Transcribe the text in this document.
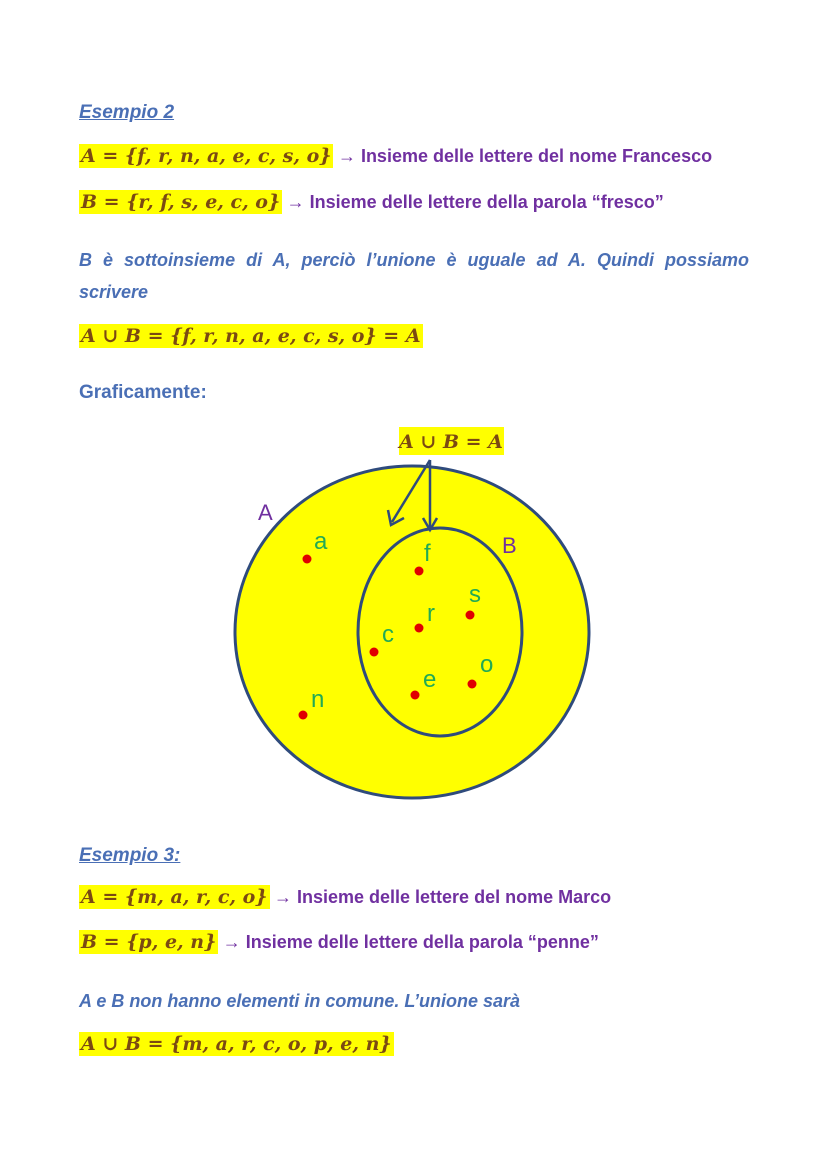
Esempio 2
A = {f, r, n, a, e, c, s, o} → Insieme delle lettere del nome Francesco
B = {r, f, s, e, c, o} → Insieme delle lettere della parola “fresco”
B è sottoinsieme di A, perciò l’unione è uguale ad A. Quindi possiamo scrivere
A ∪ B = {f, r, n, a, e, c, s, o} = A
Graficamente:
A ∪ B = A
A
B
a
n
f
s
r
c
e
o
Esempio 3:
A = {m, a, r, c, o} → Insieme delle lettere del nome Marco
B = {p, e, n} → Insieme delle lettere della parola “penne”
A e B non hanno elementi in comune. L’unione sarà
A ∪ B = {m, a, r, c, o, p, e, n}
